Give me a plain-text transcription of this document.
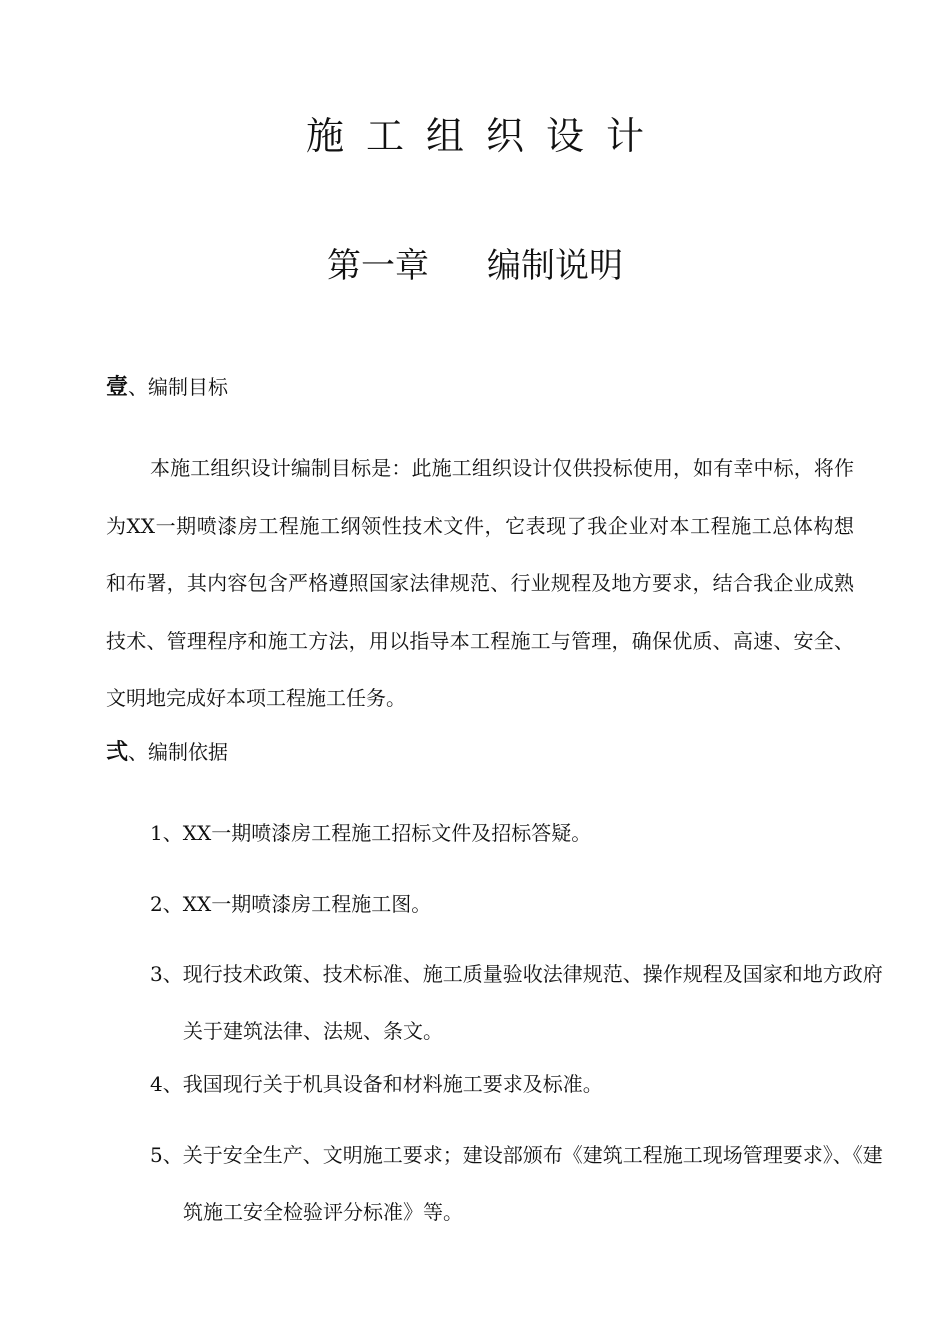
施工组织设计
第一章 编制说明
壹、编制目标
本施工组织设计编制目标是：此施工组织设计仅供投标使用，如有幸中标，将作为XX一期喷漆房工程施工纲领性技术文件，它表现了我企业对本工程施工总体构想和布署，其内容包含严格遵照国家法律规范、行业规程及地方要求，结合我企业成熟技术、管理程序和施工方法，用以指导本工程施工与管理，确保优质、高速、安全、文明地完成好本项工程施工任务。
弍、编制依据
1、XX一期喷漆房工程施工招标文件及招标答疑。
2、XX一期喷漆房工程施工图。
3、现行技术政策、技术标准、施工质量验收法律规范、操作规程及国家和地方政府关于建筑法律、法规、条文。
4、我国现行关于机具设备和材料施工要求及标准。
5、关于安全生产、文明施工要求；建设部颁布《建筑工程施工现场管理要求》、《建筑施工安全检验评分标准》等。
